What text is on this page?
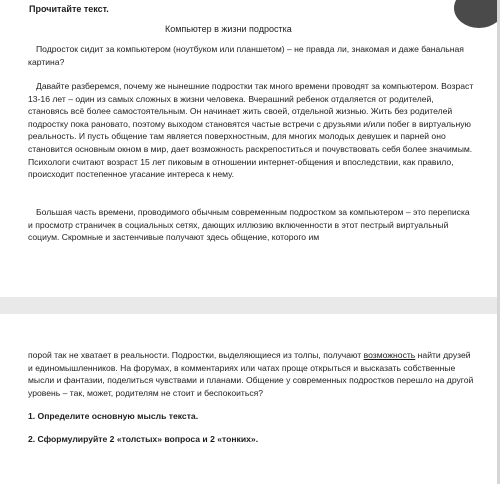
Прочитайте текст.
Компьютер в жизни подростка

Подросток сидит за компьютером (ноутбуком или планшетом) – не правда ли, знакомая и даже банальная картина?

Давайте разберемся, почему же нынешние подростки так много времени проводят за компьютером. Возраст 13-16 лет – один из самых сложных в жизни человека. Вчерашний ребенок отдаляется от родителей, становясь всё более самостоятельным. Он начинает жить своей, отдельной жизнью. Жить без родителей подростку пока рановато, поэтому выходом становятся частые встречи с друзьями и/или побег в виртуальную реальность. И пусть общение там является поверхностным, для многих молодых девушек и парней оно становится основным окном в мир, дает возможность раскрепоститься и почувствовать себя более значимым. Психологи считают возраст 15 лет пиковым в отношении интернет-общения и впоследствии, как правило, происходит постепенное угасание интереса к нему.

Большая часть времени, проводимого обычным современным подростком за компьютером – это переписка и просмотр страничек в социальных сетях, дающих иллюзию включенности в этот пестрый виртуальный социум. Скромные и застенчивые получают здесь общение, которого им

порой так не хватает в реальности. Подростки, выделяющиеся из толпы, получают возможность найти друзей и единомышленников. На форумах, в комментариях или чатах проще открыться и высказать собственные мысли и фантазии, поделиться чувствами и планами. Общение у современных подростков перешло на другой уровень – так, может, родителям не стоит и беспокоиться?

1. Определите основную мысль текста.
2. Сформулируйте 2 «толстых» вопроса и 2 «тонких».
